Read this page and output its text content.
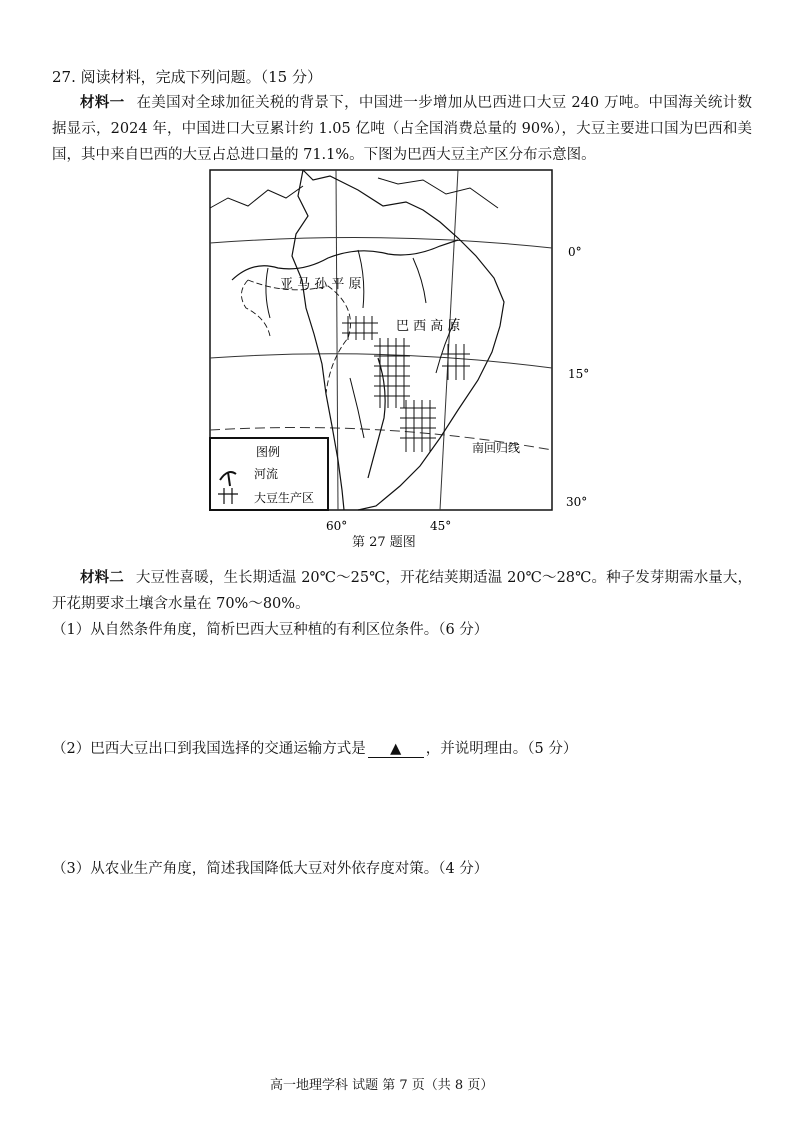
27. 阅读材料，完成下列问题。（15 分）
材料一 在美国对全球加征关税的背景下，中国进一步增加从巴西进口大豆 240 万吨。中国海关统计数据显示，2024 年，中国进口大豆累计约 1.05 亿吨（占全国消费总量的 90%），大豆主要进口国为巴西和美国，其中来自巴西的大豆占总进口量的 71.1%。下图为巴西大豆主产区分布示意图。
亚 马 孙 平 原
巴 西 高 原
南回归线
0°
15°
30°
60°	45°
图例
河流
大豆生产区
第 27 题图
材料二 大豆性喜暖，生长期适温 20℃～25℃，开花结荚期适温 20℃～28℃。种子发芽期需水量大，开花期要求土壤含水量在 70%～80%。
（1）从自然条件角度，简析巴西大豆种植的有利区位条件。（6 分）
（2）巴西大豆出口到我国选择的交通运输方式是 ▲ ，并说明理由。（5 分）
（3）从农业生产角度，简述我国降低大豆对外依存度对策。（4 分）
高一地理学科 试题 第 7 页（共 8 页）
